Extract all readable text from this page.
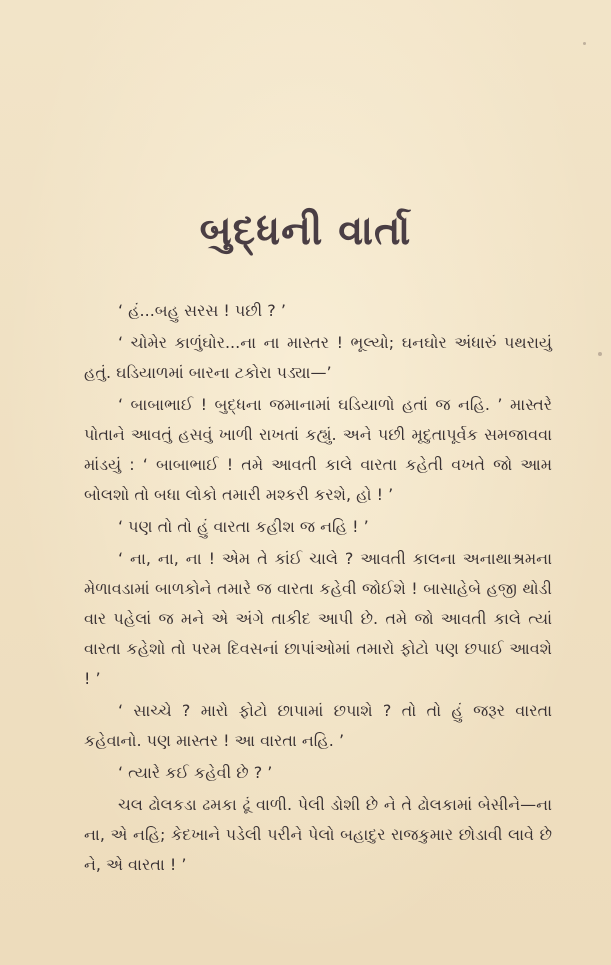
બુદ્ધની વાર્તા

‘ હં...બહુ સરસ ! પછી ? ’

‘ ચોમેર કાળુંઘોર...ના ના માસ્તર ! ભૂલ્યો; ઘનઘોર અંધારું પથરાયું હતું. ઘડિયાળમાં બારના ટકોરા પડ્યા—’

‘ બાબાભાઈ ! બુદ્ધના જમાનામાં ઘડિયાળો હતાં જ નહિ. ’ માસ્તરે પોતાને આવતું હસવું ખાળી રાખતાં કહ્યું. અને પછી મૃદુતાપૂર્વક સમજાવવા માંડયું : ‘ બાબાભાઈ ! તમે આવતી કાલે વારતા કહેતી વખતે જો આમ બોલશો તો બધા લોકો તમારી મશ્કરી કરશે, હો ! ’

‘ પણ તો તો હું વારતા કહીશ જ નહિ ! ’

‘ ના, ના, ના ! એમ તે કાંઈ ચાલે ? આવતી કાલના અનાથાશ્રમના મેળાવડામાં બાળકોને તમારે જ વારતા કહેવી જોઈશે ! બાસાહેબે હજી થોડી વાર પહેલાં જ મને એ અંગે તાકીદ આપી છે. તમે જો આવતી કાલે ત્યાં વારતા કહેશો તો પરમ દિવસનાં છાપાંઓમાં તમારો ફોટો પણ છપાઈ આવશે ! ’

‘ સાચ્ચે ? મારો ફોટો છાપામાં છપાશે ? તો તો હું જરૂર વારતા કહેવાનો. પણ માસ્તર ! આ વારતા નહિ. ’

‘ ત્યારે કઈ કહેવી છે ? ’

ચલ ઢોલકડા ઢમકા ઢૂં વાળી. પેલી ડોશી છે ને તે ઢોલકામાં બેસીને—ના ના, એ નહિ; કેદખાને પડેલી પરીને પેલો બહાદુર રાજકુમાર છોડાવી લાવે છે ને, એ વારતા ! ’
